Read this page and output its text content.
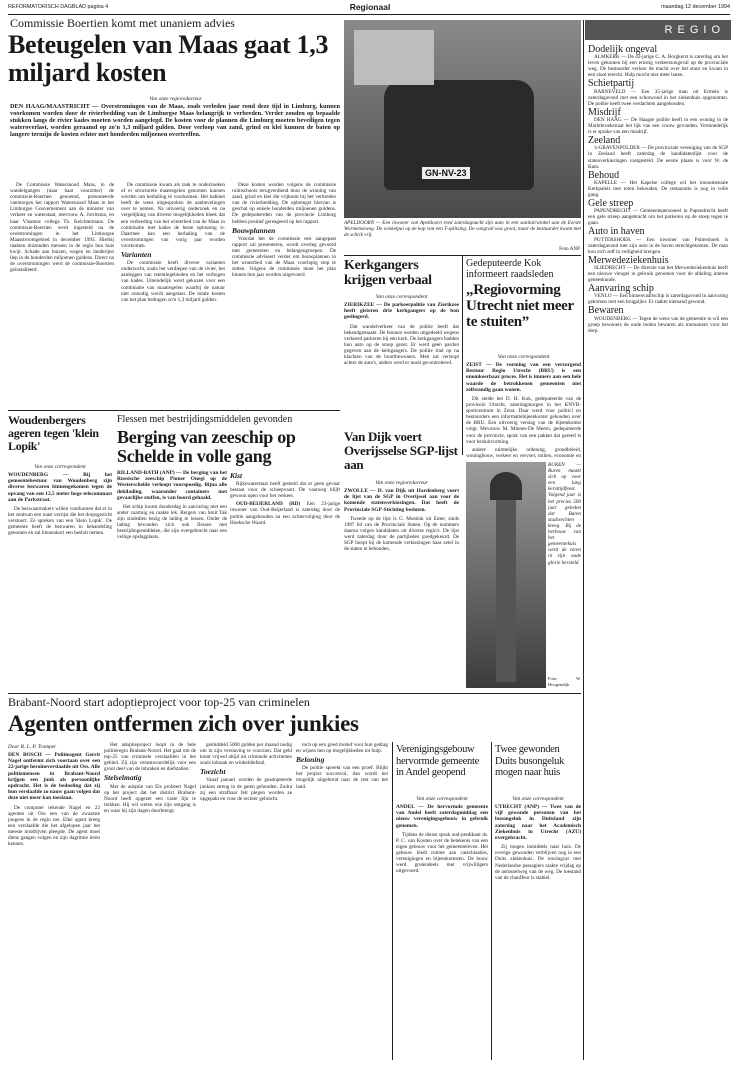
REFORMATORISCH DAGBLAD pagina 4	Regionaal	maandag 12 december 1994
Commissie Boertien komt met unaniem advies
Beteugelen van Maas gaat 1,3 miljard kosten
Van onze regioredacteur
DEN HAAG/MAASTRICHT — Overstromingen van de Maas, zoals verleden jaar rond deze tijd in Limburg, kunnen voorkomen worden door de rivierbedding van de Limburgse Maas belangrijk te verbreden. Verder zouden op bepaalde stukken langs de rivier kades moeten worden aangelegd. De kosten voor de plannen die Limburg moeten beveiligen tegen wateroverlast, worden geraamd op zo'n 1,3 miljard gulden. Door verloop van zand, grind en klei kunnen de baten op langere termijn de kosten echter met honderden miljoenen overtreffen.

De Commissie Watersnood Maas, in de wandelgangen (naar haar voorzitter) de commissie-Boertien genoemd, presenteerde vanmorgen het rapport Watersnood Maas in het Limburgse Gouvernement aan de minister van verkeer en waterstaat, mevrouw A. Jorritsma, en haar Vlaamse collega Th. Kelchtermans. De commissie-Boertien werd ingesteld na de overstromingen in het Limburgse Maasstroomgebied in december 1993. Hierbij raakten duizenden mensen in de regio hun huis kwijt. Schade aan huizen, wegen en landerijen liep in de honderden miljoenen guldens. Direct na de overstromingen werd de commissie-Boertien geïnstalleerd.

De commissie kwam als taak te onderzoeken of er structurele maatregelen genomen kunnen worden om herhaling te voorkomen. Het kabinet heeft de wens uitgesproken de aanbevelingen over te nemen. Na uitvoerig onderzoek en na vergelijking van diverse mogelijkheden bleek dat een verbreding van het winterbed van de Maas in combinatie met kades de beste oplossing is. Daarmee kan een herhaling van de overstromingen van vorig jaar worden voorkomen.

Varianten

De commissie heeft diverse varianten onderzocht, zoals het verdiepen van de rivier, het aanleggen van retentiegebieden en het verhogen van kades. Uiteindelijk werd gekozen voor een combinatie van maatregelen waarbij de natuur niet onnodig wordt aangetast. De totale kosten van het plan bedragen zo'n 1,3 miljard gulden.

Deze kosten worden volgens de commissie ruimschoots terugverdiend door de winning van zand, grind en klei die vrijkomt bij het verbreden van de rivierbedding. De opbrengst hiervan is geschat op enkele honderden miljoenen guldens. De gedeputeerden van de provincie Limburg hebben positief gereageerd op het rapport.

Bouwplannen

Voordat het de commissie een aangepast rapport zal presenteren, wordt overleg gevoerd met gemeenten en belangengroepen. De commissie adviseert verder om bouwplannen in het winterbed van de Maas voorlopig stop te zetten. Volgens de commissie moet het plan binnen tien jaar worden uitgevoerd.

GN-NV-23
APELDOORN — Een inwoner van Apeldoorn reed zaterdagnacht zijn auto in een sanitairwinkel aan de Eerste Wormenseweg. De winkelpui op de kop van een T-splitsing. De vangrail was groot, maar de bestuurder kwam met de schrik vrij.
Foto ANP
REGIO
Dodelijk ongeval

ALMKERK — De 42-jarige C. A. Borgkerst is zaterdag om het leven gekomen bij een ernstig verkeersongeval op de provinciale weg. De bestuurder verloor de macht over het stuur en kwam in een sloot terecht. Hulp mocht niet meer baten.

Schietpartij

BARNEVELD — Een 35-jarige man uit Ermelo is zaterdagavond met een schotwond in het ziekenhuis opgenomen. De politie heeft twee verdachten aangehouden.

Misdrijf

DEN HAAG — De Haagse politie heeft in een woning in de Marktbroekstraat het lijk van een vrouw gevonden. Vermoedelijk is er sprake van een misdrijf.

Zeeland

's-GRAVENPOLDER — De provinciale vereniging van de SGP in Zeeland heeft zaterdag de kandidatenlijst voor de statenverkiezingen vastgesteld. De eerste plaats is voor W. de Kam.

Behoud

KAPELLE — Het Kapelse college wil het monumentale Kerkpaleis met toren behouden. De restauratie is nog in volle gang.

Gele streep

PAPENDRECHT — Gemeentepersoneel in Papendrecht heeft een gele streep aangebracht om het parkeren op de stoep tegen te gaan.

Auto in haven

PUTTERSHOEK — Een inwoner van Puttershoek is zaterdagavond met zijn auto in de haven terechtgekomen. De man kon zich zelf in veiligheid brengen.

Merwedeziekenhuis

SLIEDRECHT — De directie van het Merwedeziekenhuis heeft een nieuwe vleugel in gebruik genomen voor de afdeling interne geneeskunde.

Aanvaring schip

VENLO — Een binnenvaartschip is zaterdagavond in aanvaring gekomen met een brugpijler. Er raakte niemand gewond.

Bewaren

WOUDENBERG — Tegen de wens van de gemeente in wil een groep bewoners de oude molen bewaren als monument voor het dorp.

Kerkgangers krijgen verbaal
Van onze correspondent
ZIERIKZEE — De parkeerpolitie van Zierikzee heeft gisteren drie kerkgangers op de bon geslingerd.

Dat wandelverkeer van de politie heeft dat bekendgemaakt. De bonnen werden uitgedeeld wegens verkeerd parkeren bij een kerk. De kerkgangers hadden hun auto op de stoep gezet. Er werd geen pardon gegeven aan de kerkgangers. De politie trad op na klachten van de buurtbewoners. Men zat verstopt achter de auto's, anders werd er nooit gecontroleerd.

Van Dijk voert Overijsselse SGP-lijst aan
Van onze regioredacteur
ZWOLLE — D. van Dijk uit Hardenberg voert de lijst van de SGP in Overijssel aan voor de komende statenverkiezingen. Dat heeft de Provinciale SGP-Stichting besloten.

Tweede op de lijst is G. Mostink uit Enter, sinds 1987 lid van de Provinciale Staten. Op de nummers daarna volgen kandidaten uit diverse regio's. De lijst werd zaterdag door de partijleden goedgekeurd. De SGP hoopt bij de komende verkiezingen haar zetel in de staten te behouden.

Gedeputeerde Kok informeert raadsleden
„Regiovorming Utrecht niet meer te stuiten”
Van onze correspondent
ZEIST — De vorming van een verzorgend Bestuur Regio Utrecht (BRU) is een onomkeerbaar proces. Het is immers aan een hele waarde de betrokkenen gemeenten niet zelfstandig gaan wonen.

Dit stelde het D. H. Kok, gedeputeerde van de provincie Utrecht, zaterdagmorgen in het KNVB-sportcentrum in Zeist. Daar werd voor politici en bestuurders een informatiebijeenkomst gehouden over de BRU. Een uitvoerig verslag van de bijeenkomst volgt. Mevrouw M. Minnes-De Meern, gedeputeerde voor de provincie, sprak van een pakket dat gereed is voor besluitvorming.

andere ruimtelijke ordening, grondbeleid, woningbouw, verkeer en vervoer, milieu, economie en

BUREN — Buren maakt zich op voor een lang kersttijdfeest. Volgend jaar is het precies 500 jaar geleden dat Buren stadsrechten kreeg. Bij de herbouw van het gemeentehuis werd de toren in zijn oude glorie hersteld.
Foto: W. Hoogendijk
Woudenbergers ageren tegen 'klein Lopik'
Van onze correspondent
WOUDENBERG — Bij het gemeentebestuur van Woudenberg zijn diverse bezwaren binnengekomen tegen de opvang van een 12,5 meter hoge telecommast aan de Parkstraat.

De bezwaarmakers willen voorkomen dat er in het centrum een mast verrijst die het dorpsgezicht verstoort. Ze spreken van een 'klein Lopik'. De gemeente heeft de bezwaren in behandeling genomen en zal binnenkort een besluit nemen.

Flessen met bestrijdingsmiddelen gevonden
Berging van zeeschip op Schelde in volle gang
RILLAND-BATH (ANP) — De berging van het Russische zeeschip Pioner Onegi op de Westerschelde verloopt voorspoedig. Bijna alle dekilading, waaronder containers met gevaarlijke stoffen, is van boord gehaald.

Het schip kwam donderdag in aanvaring met een ander vaartuig en raakte lek. Bergers van Smit Tak zijn sindsdien bezig de lading te lossen. Onder de lading bevonden zich ook flessen met bestrijdingsmiddelen, die zijn overgebracht naar een veilige opslagplaats.

Kist

Rijkswaterstaat heeft gemeld dat er geen gevaar bestaat voor de scheepvaart. De vaarweg blijft gewoon open voor het verkeer.

OUD-BEIJERLAND (RD) Een 23-jarige inwoner van Oud-Beijerland is zaterdag door de politie aangehouden na een achtervolging door de Hoeksche Waard.

Brabant-Noord start adoptieproject voor top-25 van criminelen
Agenten ontfermen zich over junkies
Door R. L. P. Tramper
DEN BOSCH — Politieagent Gerrit Nagel ontfermt zich voortaan over een 22-jarige heroïneverslaafde uit Oss. Alle politiemensen in Brabant-Noord krijgen een junk als persoonlijke opdracht. Het is de bedoeling dat zij hun verslaafde zo nauw gaan volgen dat deze niet meer kan toeslaan.

De computer rekende Nagel en 22 agenten uit Oss een van de zwaarste jongens in de regio toe. Elke agent kreeg een verslaafde die het afgelopen jaar het meeste misdrijven pleegde. De agent moet diens gangen volgen en zijn dagritme leren kennen.

Het adoptieproject loopt in de hele politieregio Brabant-Noord. Het gaat om de top-25 van criminele verslaafden in het gebied. Zij zijn verantwoordelijk voor een groot deel van de inbraken en diefstallen.

Stelselmatig

Met de adoptie van Els probeert Nagel op het project dat het district Brabant-Noord heeft opgezet een vaste lijn te trekken. Hij wil weten wie zijn omgang is en waar hij zijn dagen doorbrengt.

gemiddeld 5000 gulden per maand nodig om in zijn verslaving te voorzien. Dat geld komt vrijwel altijd uit criminele activiteiten zoals inbraak en winkeldiefstal.

Toezicht

Vanaf januari worden de geadopteerde junkies streng in de gaten gehouden. Zodra zij een strafbaar feit plegen worden ze opgepakt en voor de rechter gebracht.

toch op een goed motief voor hun gedrag en wijzen hen op mogelijkheden tot hulp.

Beloning

De politie spreekt van een proef. Blijkt het project succesvol, dan wordt het mogelijk uitgebreid naar de rest van het land.

Verenigingsgebouw hervormde gemeente in Andel geopend
Van onze correspondent
ANDEL — De hervormde gemeente van Andel heeft zaterdagmiddag een nieuw verenigingsgebouw in gebruik genomen.

Tijdens de dienst sprak oud-predikant ds. P. C. van Kouten over de betekenis van een eigen gebouw voor het gemeenteleven. Het gebouw biedt ruimte aan catechisaties, verenigingen en bijeenkomsten. De bouw werd grotendeels met vrijwilligers uitgevoerd.

Twee gewonden Duits busongeluk mogen naar huis
Van onze correspondent
UTRECHT (ANP) — Twee van de vijf gewonde personen van het busongeluk in Duitsland zijn zaterdag naar het Academisch Ziekenhuis in Utrecht (AZU) overgebracht.

Zij mogen inmiddels naar huis. De overige gewonden verblijven nog in een Duits ziekenhuis. De touringcar met Nederlandse passagiers raakte vrijdag op de autosnelweg van de weg. De toestand van de chauffeur is stabiel.
